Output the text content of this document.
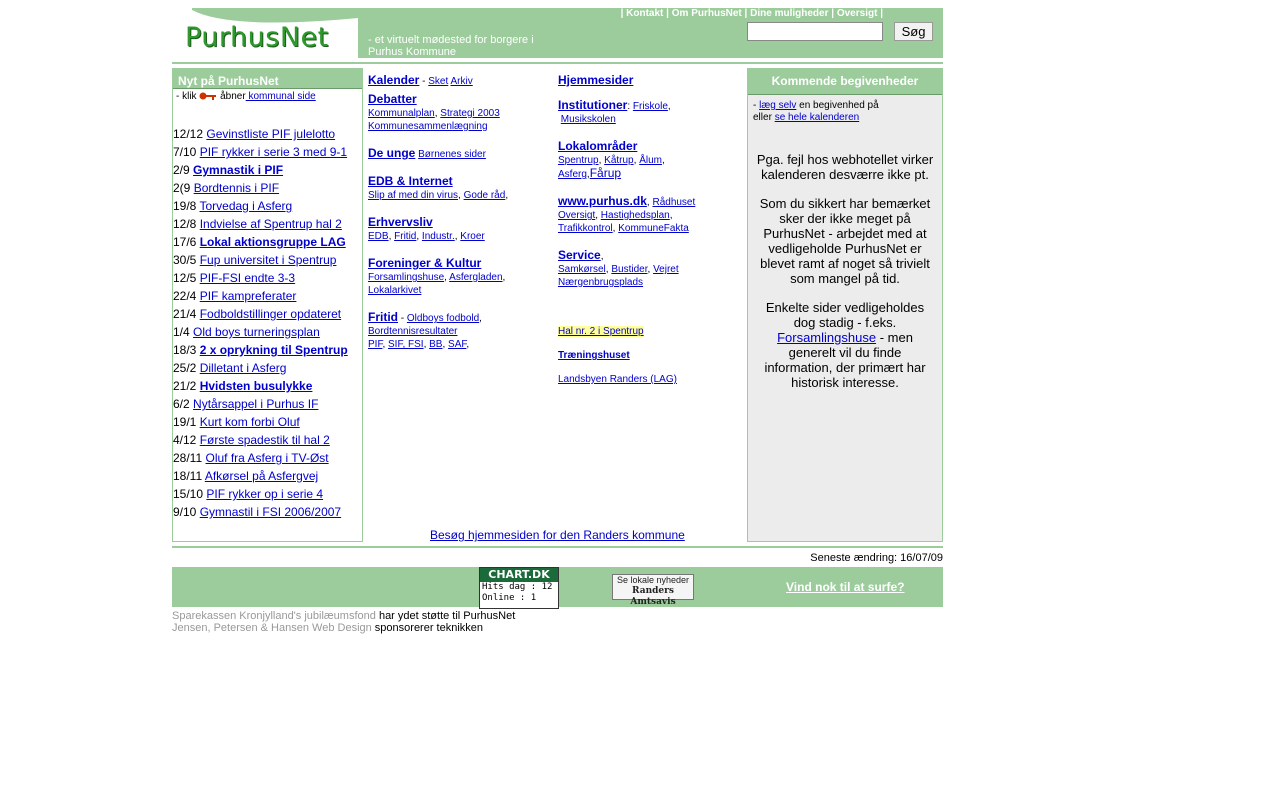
PurhusNet	- et virtuelt mødested for borgere i Purhus Kommune
| Kontakt | Om PurhusNet | Dine muligheder | Oversigt |
Søg
Nyt på PurhusNet
- klik åbner kommunal side
12/12 Gevinstliste PIF julelotto
7/10 PIF rykker i serie 3 med 9-1
2/9 Gymnastik i PIF
2(9 Bordtennis i PIF
19/8 Torvedag i Asferg
12/8 Indvielse af Spentrup hal 2
17/6 Lokal aktionsgruppe LAG
30/5 Fup universitet i Spentrup
12/5 PIF-FSI endte 3-3
22/4 PIF kampreferater
21/4 Fodboldstillinger opdateret
1/4 Old boys turneringsplan
18/3 2 x oprykning til Spentrup
25/2 Dilletant i Asferg
21/2 Hvidsten busulykke
6/2 Nytårsappel i Purhus IF
19/1 Kurt kom forbi Oluf
4/12 Første spadestik til hal 2
28/11 Oluf fra Asferg i TV-Øst
18/11 Afkørsel på Asfergvej
15/10 PIF rykker op i serie 4
9/10 Gymnastil i FSI 2006/2007
Kalender - Sket Arkiv
Debatter
Kommunalplan, Strategi 2003
Kommunesammenlægning
De unge Børnenes sider
EDB & Internet
Slip af med din virus, Gode råd,
Erhvervsliv
EDB, Fritid, Industr., Kroer
Foreninger & Kultur
Forsamlingshuse, Asfergladen,
Lokalarkivet
Fritid - Oldboys fodbold,
Bordtennisresultater
PIF, SIF, FSI, BB, SAF,
Hjemmesider
Institutioner: Friskole,
Musikskolen
Lokalområder
Spentrup, Kåtrup, Ålum,
Asferg,Fårup
www.purhus.dk, Rådhuset
Oversigt, Hastighedsplan,
Trafikkontrol, KommuneFakta
Service,
Samkørsel, Bustider, Vejret
Nærgenbrugsplads
Hal nr. 2 i Spentrup
Træningshuset
Landsbyen Randers (LAG)
Besøg hjemmesiden for den Randers kommune
Kommende begivenheder
- læg selv en begivenhed på
eller se hele kalenderen
Pga. fejl hos webhotellet virker kalenderen desværre ikke pt.
Som du sikkert har bemærket sker der ikke meget på PurhusNet - arbejdet med at vedligeholde PurhusNet er blevet ramt af noget så trivielt som mangel på tid.
Enkelte sider vedligeholdes dog stadig - f.eks.
Forsamlingshuse - men generelt vil du finde information, der primært har historisk interesse.
Seneste ændring: 16/07/09
CHART.DK
Hits dag : 12
Online : 1
Se lokale nyheder
Randers Amtsavis
Vind nok til at surfe?
Sparekassen Kronjylland's jubilæumsfond har ydet støtte til PurhusNet
Jensen, Petersen & Hansen Web Design sponsorerer teknikken
